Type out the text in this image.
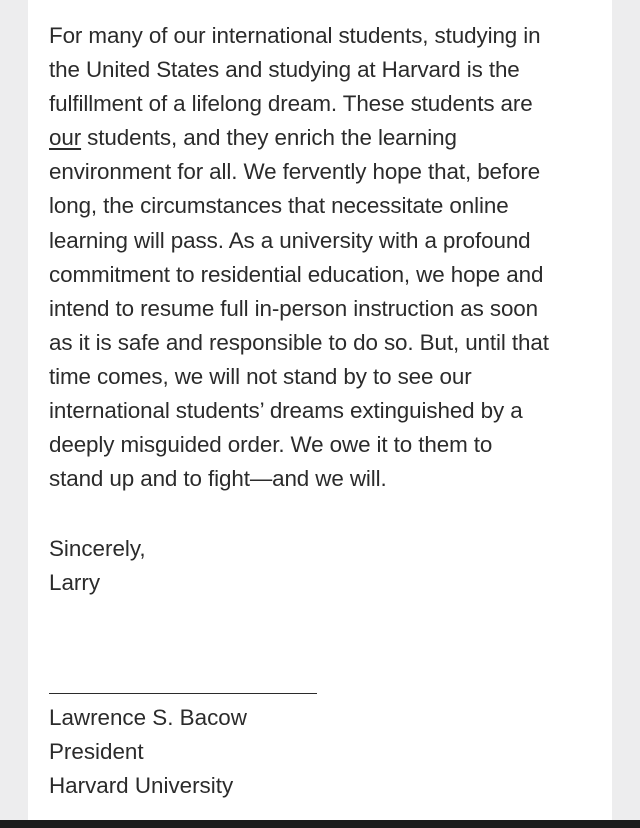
For many of our international students, studying in
the United States and studying at Harvard is the
fulfillment of a lifelong dream. These students are
our students, and they enrich the learning
environment for all. We fervently hope that, before
long, the circumstances that necessitate online
learning will pass. As a university with a profound
commitment to residential education, we hope and
intend to resume full in-person instruction as soon
as it is safe and responsible to do so. But, until that
time comes, we will not stand by to see our
international students’ dreams extinguished by a
deeply misguided order. We owe it to them to
stand up and to fight—and we will.

Sincerely,
Larry

Lawrence S. Bacow
President
Harvard University
